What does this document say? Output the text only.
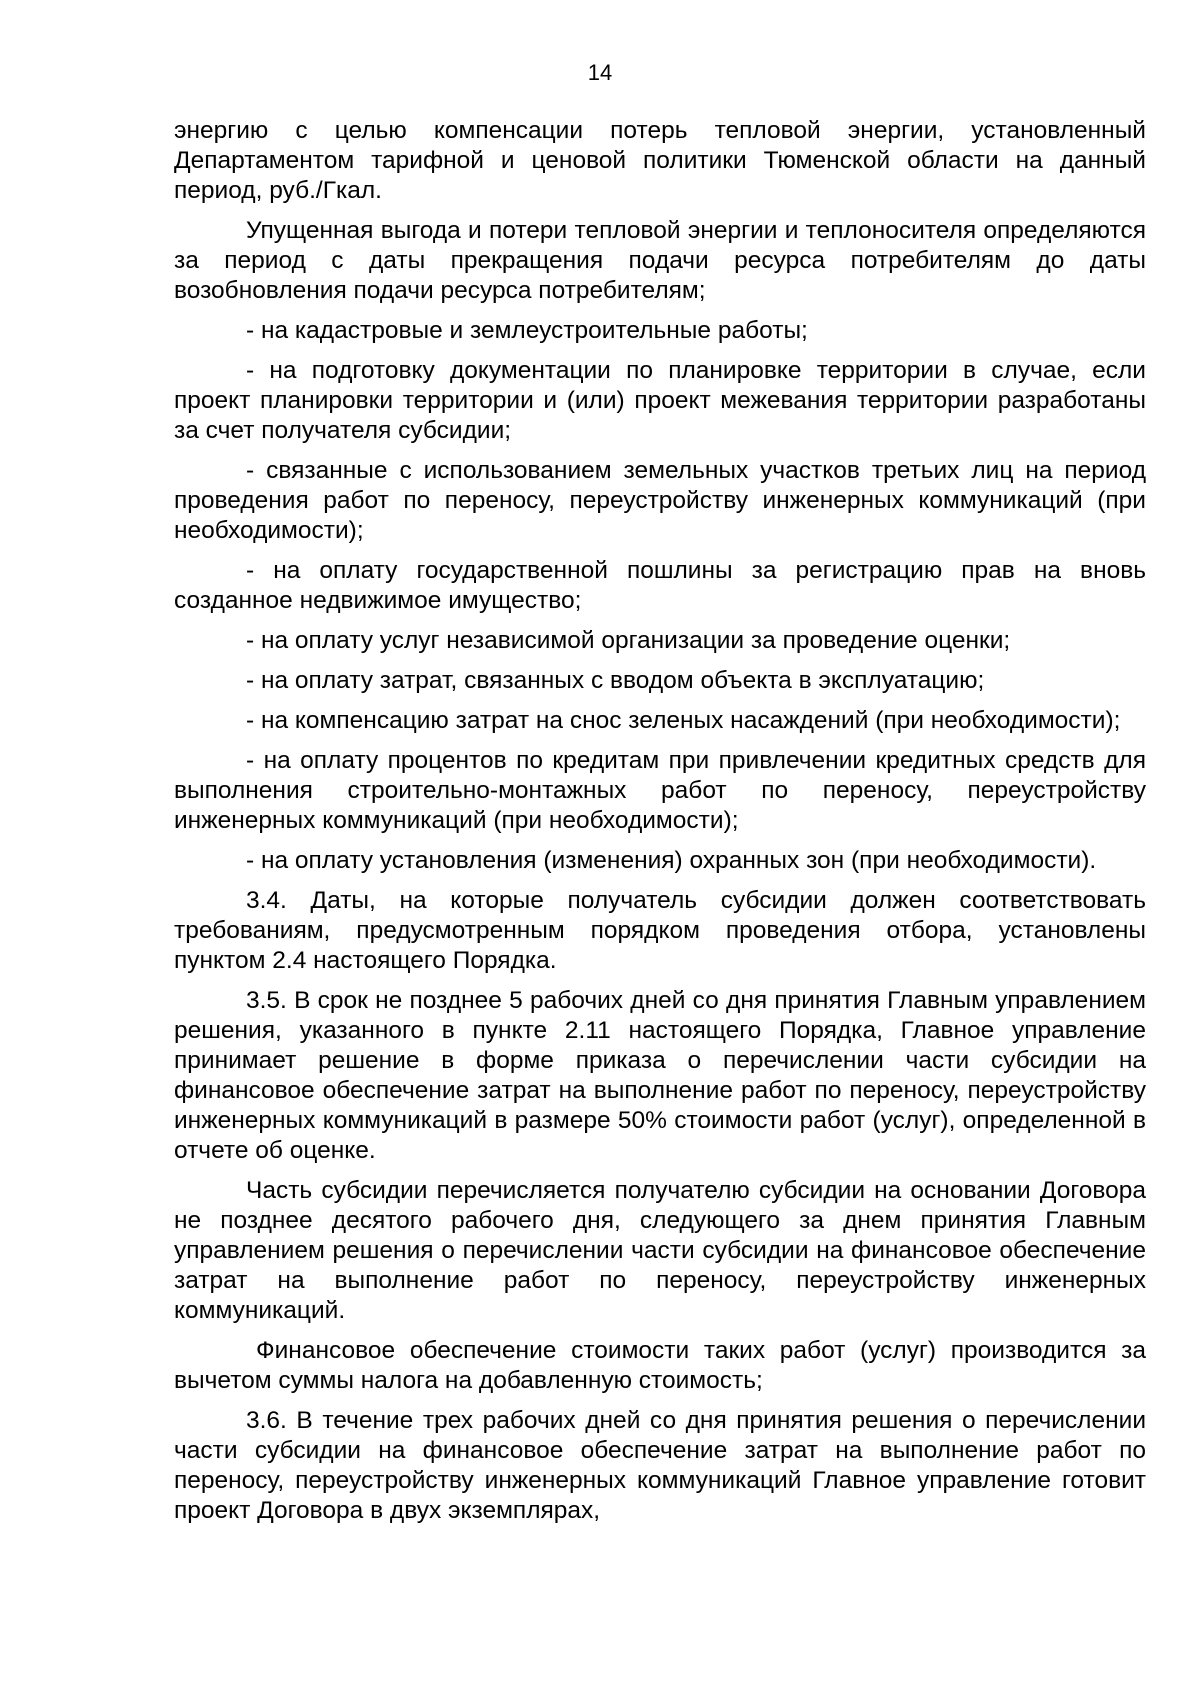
14

энергию с целью компенсации потерь тепловой энергии, установленный Департаментом тарифной и ценовой политики Тюменской области на данный период, руб./Гкал.

Упущенная выгода и потери тепловой энергии и теплоносителя определяются за период с даты прекращения подачи ресурса потребителям до даты возобновления подачи ресурса потребителям;

- на кадастровые и землеустроительные работы;

- на подготовку документации по планировке территории в случае, если проект планировки территории и (или) проект межевания территории разработаны за счет получателя субсидии;

- связанные с использованием земельных участков третьих лиц на период проведения работ по переносу, переустройству инженерных коммуникаций (при необходимости);

- на оплату государственной пошлины за регистрацию прав на вновь созданное недвижимое имущество;

- на оплату услуг независимой организации за проведение оценки;

- на оплату затрат, связанных с вводом объекта в эксплуатацию;

- на компенсацию затрат на снос зеленых насаждений (при необходимости);

- на оплату процентов по кредитам при привлечении кредитных средств для выполнения строительно-монтажных работ по переносу, переустройству инженерных коммуникаций (при необходимости);

- на оплату установления (изменения) охранных зон (при необходимости).

3.4. Даты, на которые получатель субсидии должен соответствовать требованиям, предусмотренным порядком проведения отбора, установлены пунктом 2.4 настоящего Порядка.

3.5. В срок не позднее 5 рабочих дней со дня принятия Главным управлением решения, указанного в пункте 2.11 настоящего Порядка, Главное управление принимает решение в форме приказа о перечислении части субсидии на финансовое обеспечение затрат на выполнение работ по переносу, переустройству инженерных коммуникаций в размере 50% стоимости работ (услуг), определенной в отчете об оценке.

Часть субсидии перечисляется получателю субсидии на основании Договора не позднее десятого рабочего дня, следующего за днем принятия Главным управлением решения о перечислении части субсидии на финансовое обеспечение затрат на выполнение работ по переносу, переустройству инженерных коммуникаций.

Финансовое обеспечение стоимости таких работ (услуг) производится за вычетом суммы налога на добавленную стоимость;

3.6. В течение трех рабочих дней со дня принятия решения о перечислении части субсидии на финансовое обеспечение затрат на выполнение работ по переносу, переустройству инженерных коммуникаций Главное управление готовит проект Договора в двух экземплярах,
